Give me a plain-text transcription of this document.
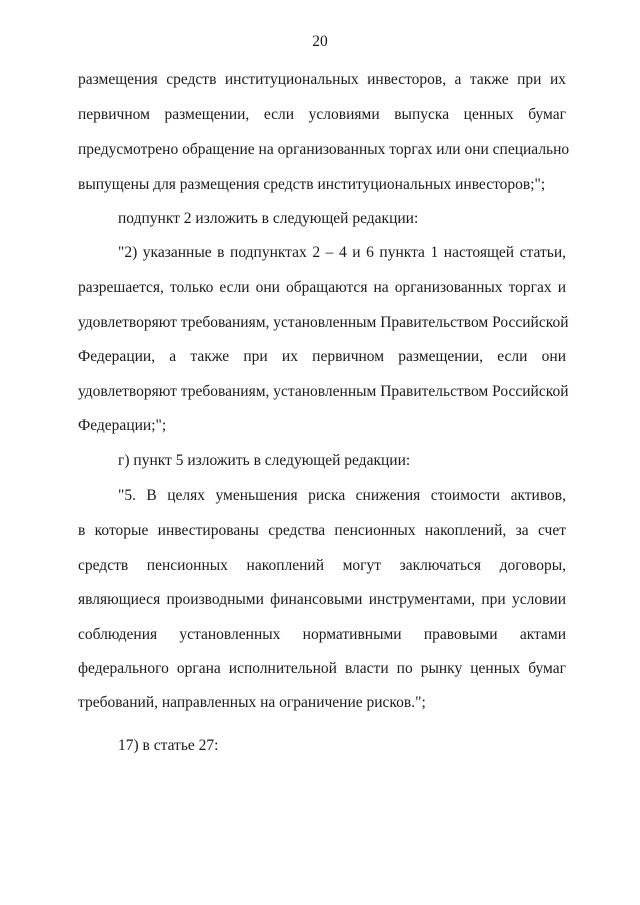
20
размещения средств институциональных инвесторов, а также при их
первичном размещении, если условиями выпуска ценных бумаг
предусмотрено обращение на организованных торгах или они специально
выпущены для размещения средств институциональных инвесторов;";
подпункт 2 изложить в следующей редакции:
"2) указанные в подпунктах 2 – 4 и 6 пункта 1 настоящей статьи,
разрешается, только если они обращаются на организованных торгах и
удовлетворяют требованиям, установленным Правительством Российской
Федерации, а также при их первичном размещении, если они
удовлетворяют требованиям, установленным Правительством Российской
Федерации;";
г) пункт 5 изложить в следующей редакции:
"5. В целях уменьшения риска снижения стоимости активов,
в которые инвестированы средства пенсионных накоплений, за счет
средств пенсионных накоплений могут заключаться договоры,
являющиеся производными финансовыми инструментами, при условии
соблюдения установленных нормативными правовыми актами
федерального органа исполнительной власти по рынку ценных бумаг
требований, направленных на ограничение рисков.";
17) в статье 27:
